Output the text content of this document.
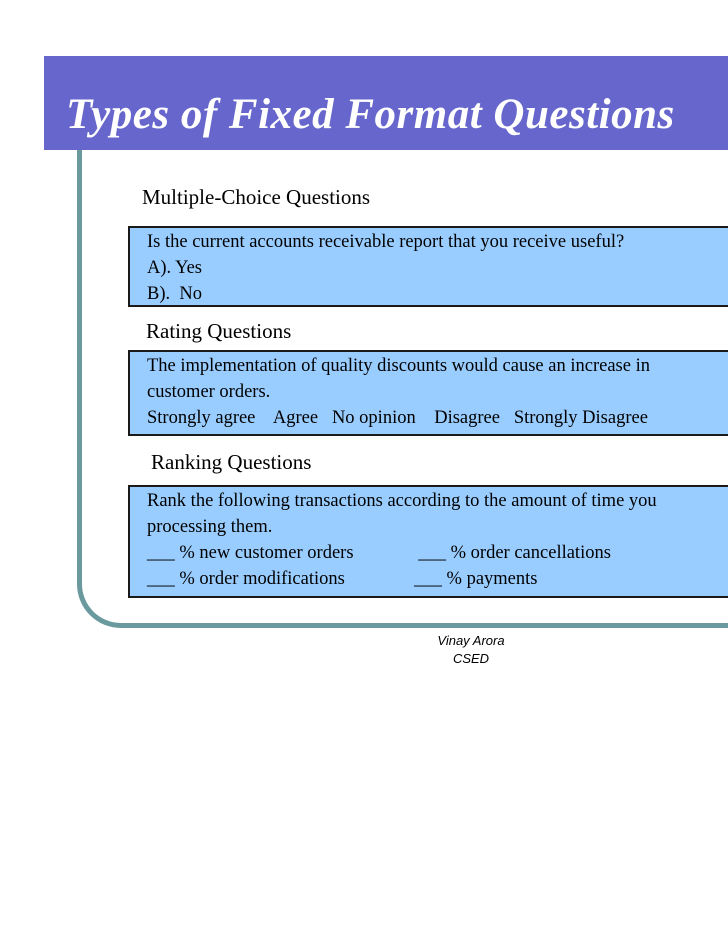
Types of Fixed Format Questions
Multiple-Choice Questions
Is the current accounts receivable report that you receive useful?
A). Yes
B).  No
Rating Questions
The implementation of quality discounts would cause an increase in
customer orders.
Strongly agree    Agree   No opinion    Disagree   Strongly Disagree
Ranking Questions
Rank the following transactions according to the amount of time you
processing them.
___ % new customer orders              ___ % order cancellations
___ % order modifications               ___ % payments
Vinay Arora
CSED
